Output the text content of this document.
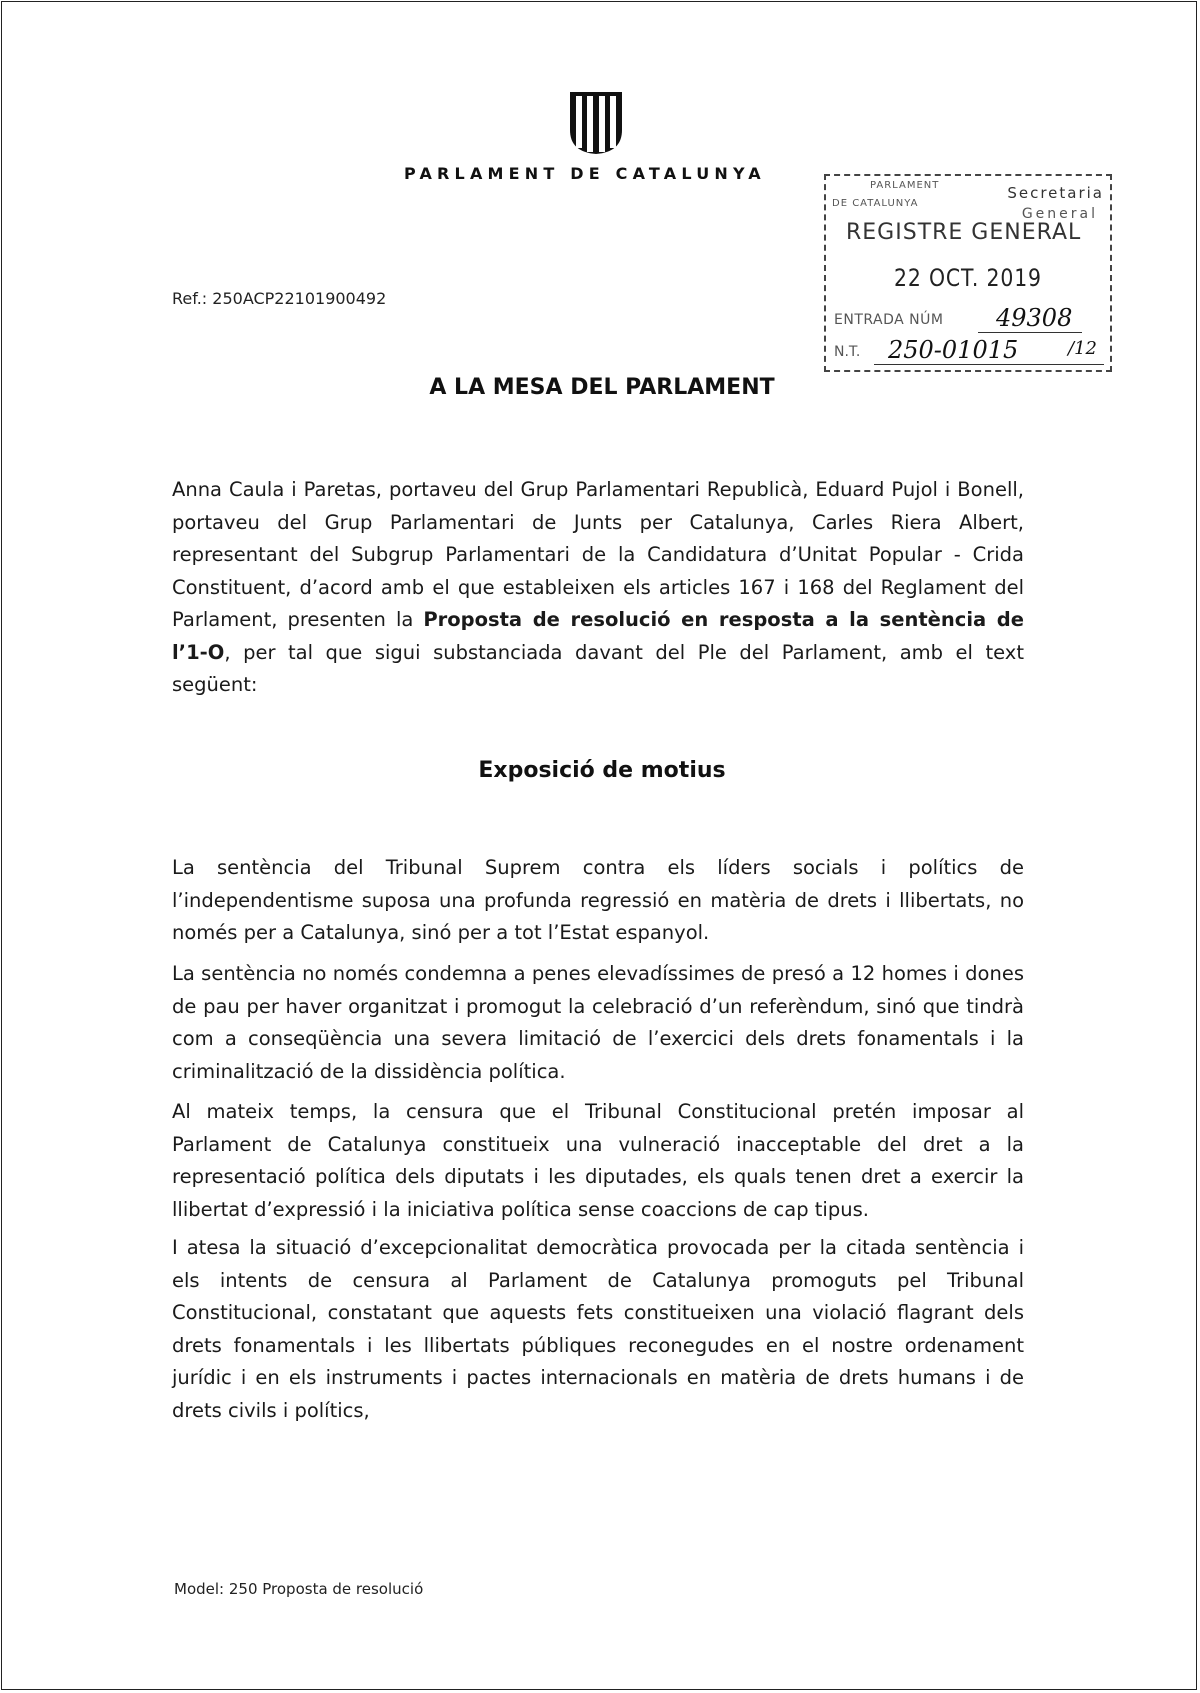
PARLAMENT DE CATALUNYA
Ref.: 250ACP22101900492
PARLAMENT	Secretaria
DE CATALUNYA
General
REGISTRE GENERAL
22 OCT. 2019
ENTRADA NÚM 49308
N.T. 250-01015	/12
A LA MESA DEL PARLAMENT

Anna Caula i Paretas, portaveu del Grup Parlamentari Republicà, Eduard Pujol i Bonell, portaveu del Grup Parlamentari de Junts per Catalunya, Carles Riera Albert, representant del Subgrup Parlamentari de la Candidatura d’Unitat Popular - Crida Constituent, d’acord amb el que estableixen els articles 167 i 168 del Reglament del Parlament, presenten la Proposta de resolució en resposta a la sentència de l’1-O, per tal que sigui substanciada davant del Ple del Parlament, amb el text següent:

Exposició de motius

La sentència del Tribunal Suprem contra els líders socials i polítics de l’independentisme suposa una profunda regressió en matèria de drets i llibertats, no només per a Catalunya, sinó per a tot l’Estat espanyol.

La sentència no només condemna a penes elevadíssimes de presó a 12 homes i dones de pau per haver organitzat i promogut la celebració d’un referèndum, sinó que tindrà com a conseqüència una severa limitació de l’exercici dels drets fonamentals i la criminalització de la dissidència política.

Al mateix temps, la censura que el Tribunal Constitucional pretén imposar al Parlament de Catalunya constitueix una vulneració inacceptable del dret a la representació política dels diputats i les diputades, els quals tenen dret a exercir la llibertat d’expressió i la iniciativa política sense coaccions de cap tipus.

I atesa la situació d’excepcionalitat democràtica provocada per la citada sentència i els intents de censura al Parlament de Catalunya promoguts pel Tribunal Constitucional, constatant que aquests fets constitueixen una violació flagrant dels drets fonamentals i les llibertats públiques reconegudes en el nostre ordenament jurídic i en els instruments i pactes internacionals en matèria de drets humans i de drets civils i polítics,

Model: 250 Proposta de resolució
